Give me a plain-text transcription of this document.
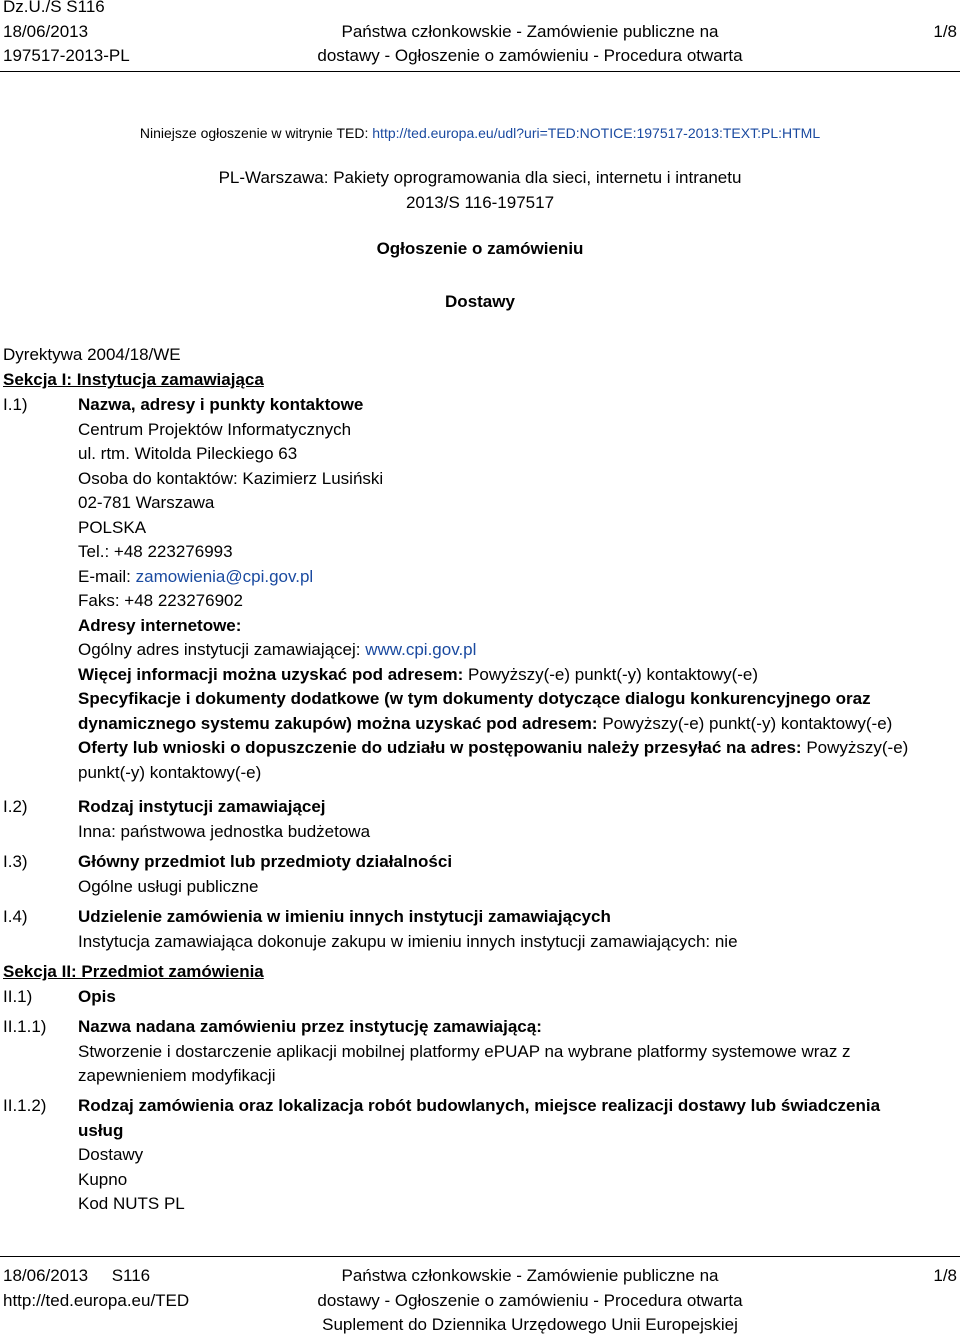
Dz.U./S S116
18/06/2013
197517-2013-PL
Państwa członkowskie - Zamówienie publiczne na
dostawy - Ogłoszenie o zamówieniu - Procedura otwarta
1/8
Niniejsze ogłoszenie w witrynie TED: http://ted.europa.eu/udl?uri=TED:NOTICE:197517-2013:TEXT:PL:HTML
PL-Warszawa: Pakiety oprogramowania dla sieci, internetu i intranetu
2013/S 116-197517
Ogłoszenie o zamówieniu
Dostawy
Dyrektywa 2004/18/WE
Sekcja I: Instytucja zamawiająca
I.1)	Nazwa, adresy i punkty kontaktowe
Centrum Projektów Informatycznych
ul. rtm. Witolda Pileckiego 63
Osoba do kontaktów: Kazimierz Lusiński
02-781 Warszawa
POLSKA
Tel.: +48 223276993
E-mail: zamowienia@cpi.gov.pl
Faks: +48 223276902
Adresy internetowe:
Ogólny adres instytucji zamawiającej: www.cpi.gov.pl
Więcej informacji można uzyskać pod adresem: Powyższy(-e) punkt(-y) kontaktowy(-e)
Specyfikacje i dokumenty dodatkowe (w tym dokumenty dotyczące dialogu konkurencyjnego oraz
dynamicznego systemu zakupów) można uzyskać pod adresem: Powyższy(-e) punkt(-y) kontaktowy(-e)
Oferty lub wnioski o dopuszczenie do udziału w postępowaniu należy przesyłać na adres: Powyższy(-e)
punkt(-y) kontaktowy(-e)
I.2)	Rodzaj instytucji zamawiającej
Inna: państwowa jednostka budżetowa
I.3)	Główny przedmiot lub przedmioty działalności
Ogólne usługi publiczne
I.4)	Udzielenie zamówienia w imieniu innych instytucji zamawiających
Instytucja zamawiająca dokonuje zakupu w imieniu innych instytucji zamawiających: nie
Sekcja II: Przedmiot zamówienia
II.1)	Opis
II.1.1) Nazwa nadana zamówieniu przez instytucję zamawiającą:
Stworzenie i dostarczenie aplikacji mobilnej platformy ePUAP na wybrane platformy systemowe wraz z
zapewnieniem modyfikacji
II.1.2) Rodzaj zamówienia oraz lokalizacja robót budowlanych, miejsce realizacji dostawy lub świadczenia
usług
Dostawy
Kupno
Kod NUTS PL
18/06/2013     S116
http://ted.europa.eu/TED
Państwa członkowskie - Zamówienie publiczne na
dostawy - Ogłoszenie o zamówieniu - Procedura otwarta
Suplement do Dziennika Urzędowego Unii Europejskiej
1/8
